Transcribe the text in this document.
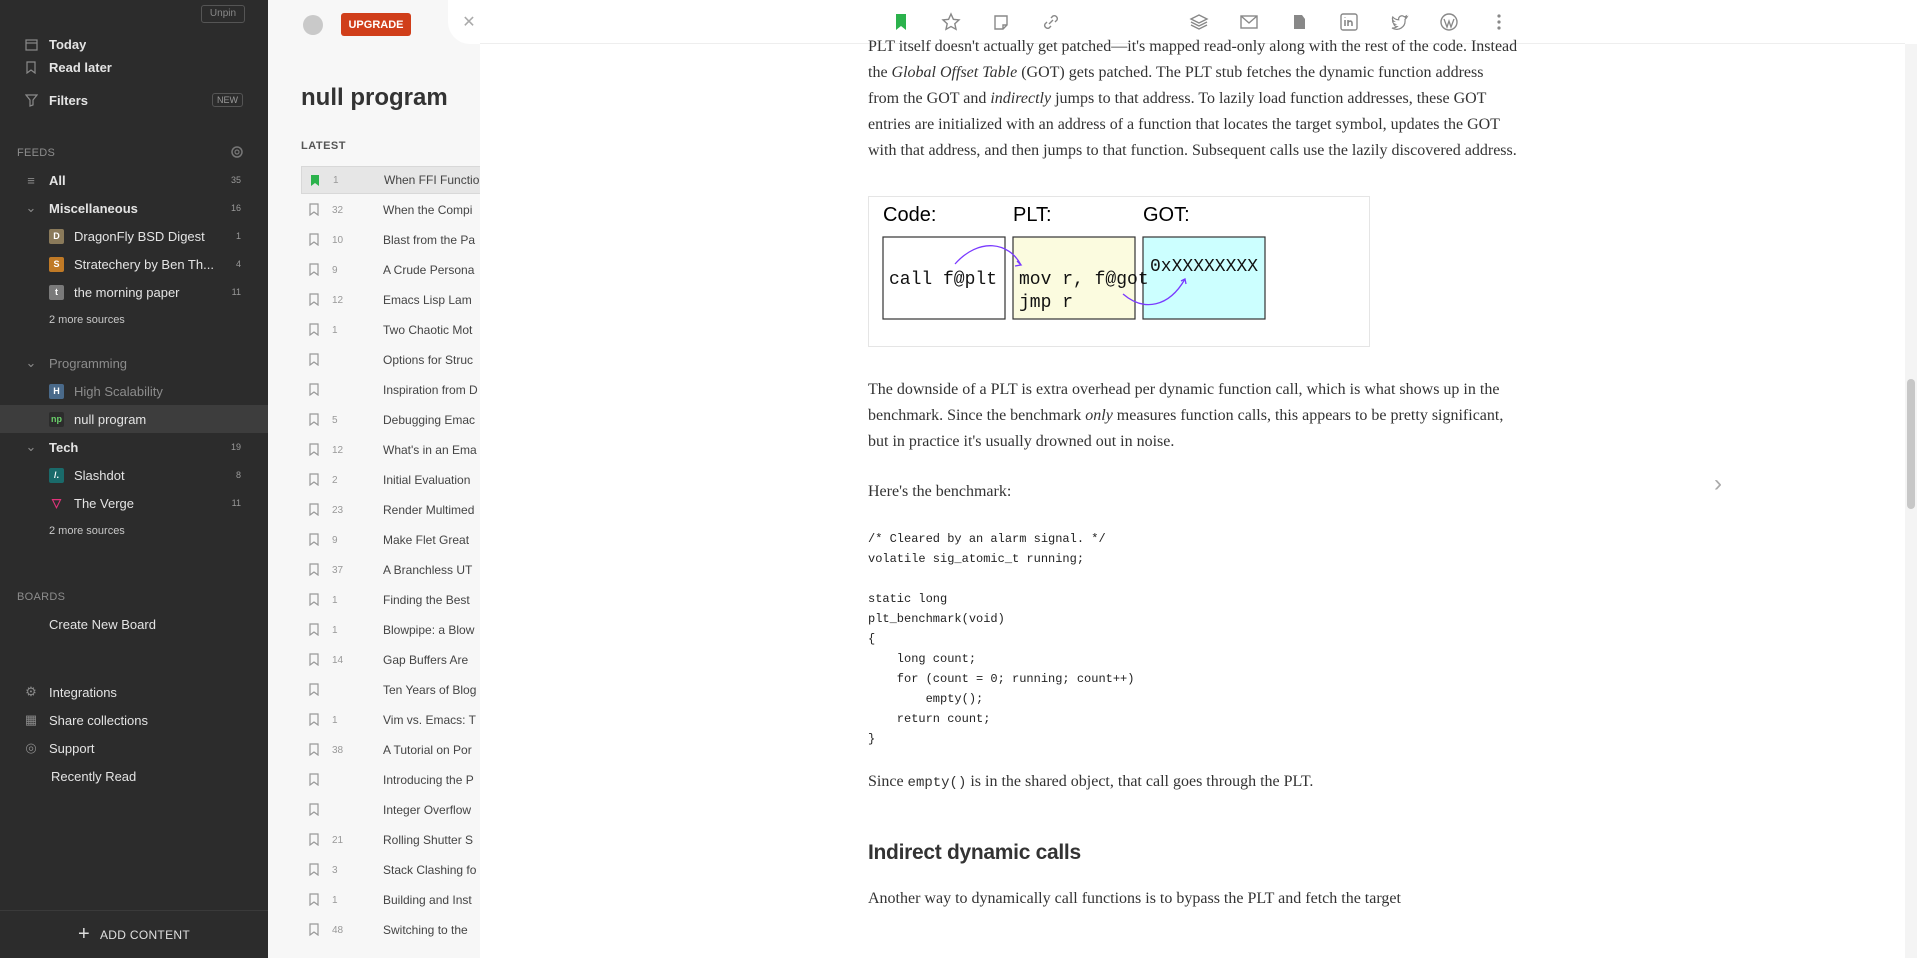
Unpin
Today
Read later
Filters	NEW
FEEDS
≡ All	35
⌄ Miscellaneous	16
D	DragonFly BSD Digest	1
S	Stratechery by Ben Th... 4
t	the morning paper	11
2 more sources
⌄ Programming
H	High Scalability
np null program
⌄ Tech	19
/.	Slashdot	8
▽ The Verge	11
2 more sources
BOARDS
Create New Board
⚙ Integrations
▦ Share collections
◎ Support
Recently Read
+ ADD CONTENT
UPGRADE
null program
LATEST
1	When FFI Functio
32	When the Compi
10	Blast from the Pa
9	A Crude Persona
12	Emacs Lisp Lam
1	Two Chaotic Mot
Options for Struc
Inspiration from D
5	Debugging Emac
12	What's in an Ema
2	Initial Evaluation
23	Render Multimed
9	Make Flet Great
37	A Branchless UT
1	Finding the Best
1	Blowpipe: a Blow
14	Gap Buffers Are
Ten Years of Blog
1	Vim vs. Emacs: T
38	A Tutorial on Por
Introducing the P
Integer Overflow
21	Rolling Shutter S
3	Stack Clashing fo
1	Building and Inst
48	Switching to the
✕

PLT itself doesn't actually get patched—it's mapped read-only along with the rest of the code. Instead the Global Offset Table (GOT) gets patched. The PLT stub fetches the dynamic function address from the GOT and indirectly jumps to that address. To lazily load function addresses, these GOT entries are initialized with an address of a function that locates the target symbol, updates the GOT with that address, and then jumps to that function. Subsequent calls use the lazily discovered address.

Code:	PLT:	GOT:
call f@plt mov r, f@got
jmp r
0xXXXXXXXX

The downside of a PLT is extra overhead per dynamic function call, which is what shows up in the benchmark. Since the benchmark only measures function calls, this appears to be pretty significant, but in practice it's usually drowned out in noise.

Here's the benchmark:

/* Cleared by an alarm signal. */
volatile sig_atomic_t running;

static long
plt_benchmark(void)
{
long count;
for (count = 0; running; count++)
empty();
return count;
}

Since empty() is in the shared object, that call goes through the PLT.

Indirect dynamic calls

Another way to dynamically call functions is to bypass the PLT and fetch the target

›
